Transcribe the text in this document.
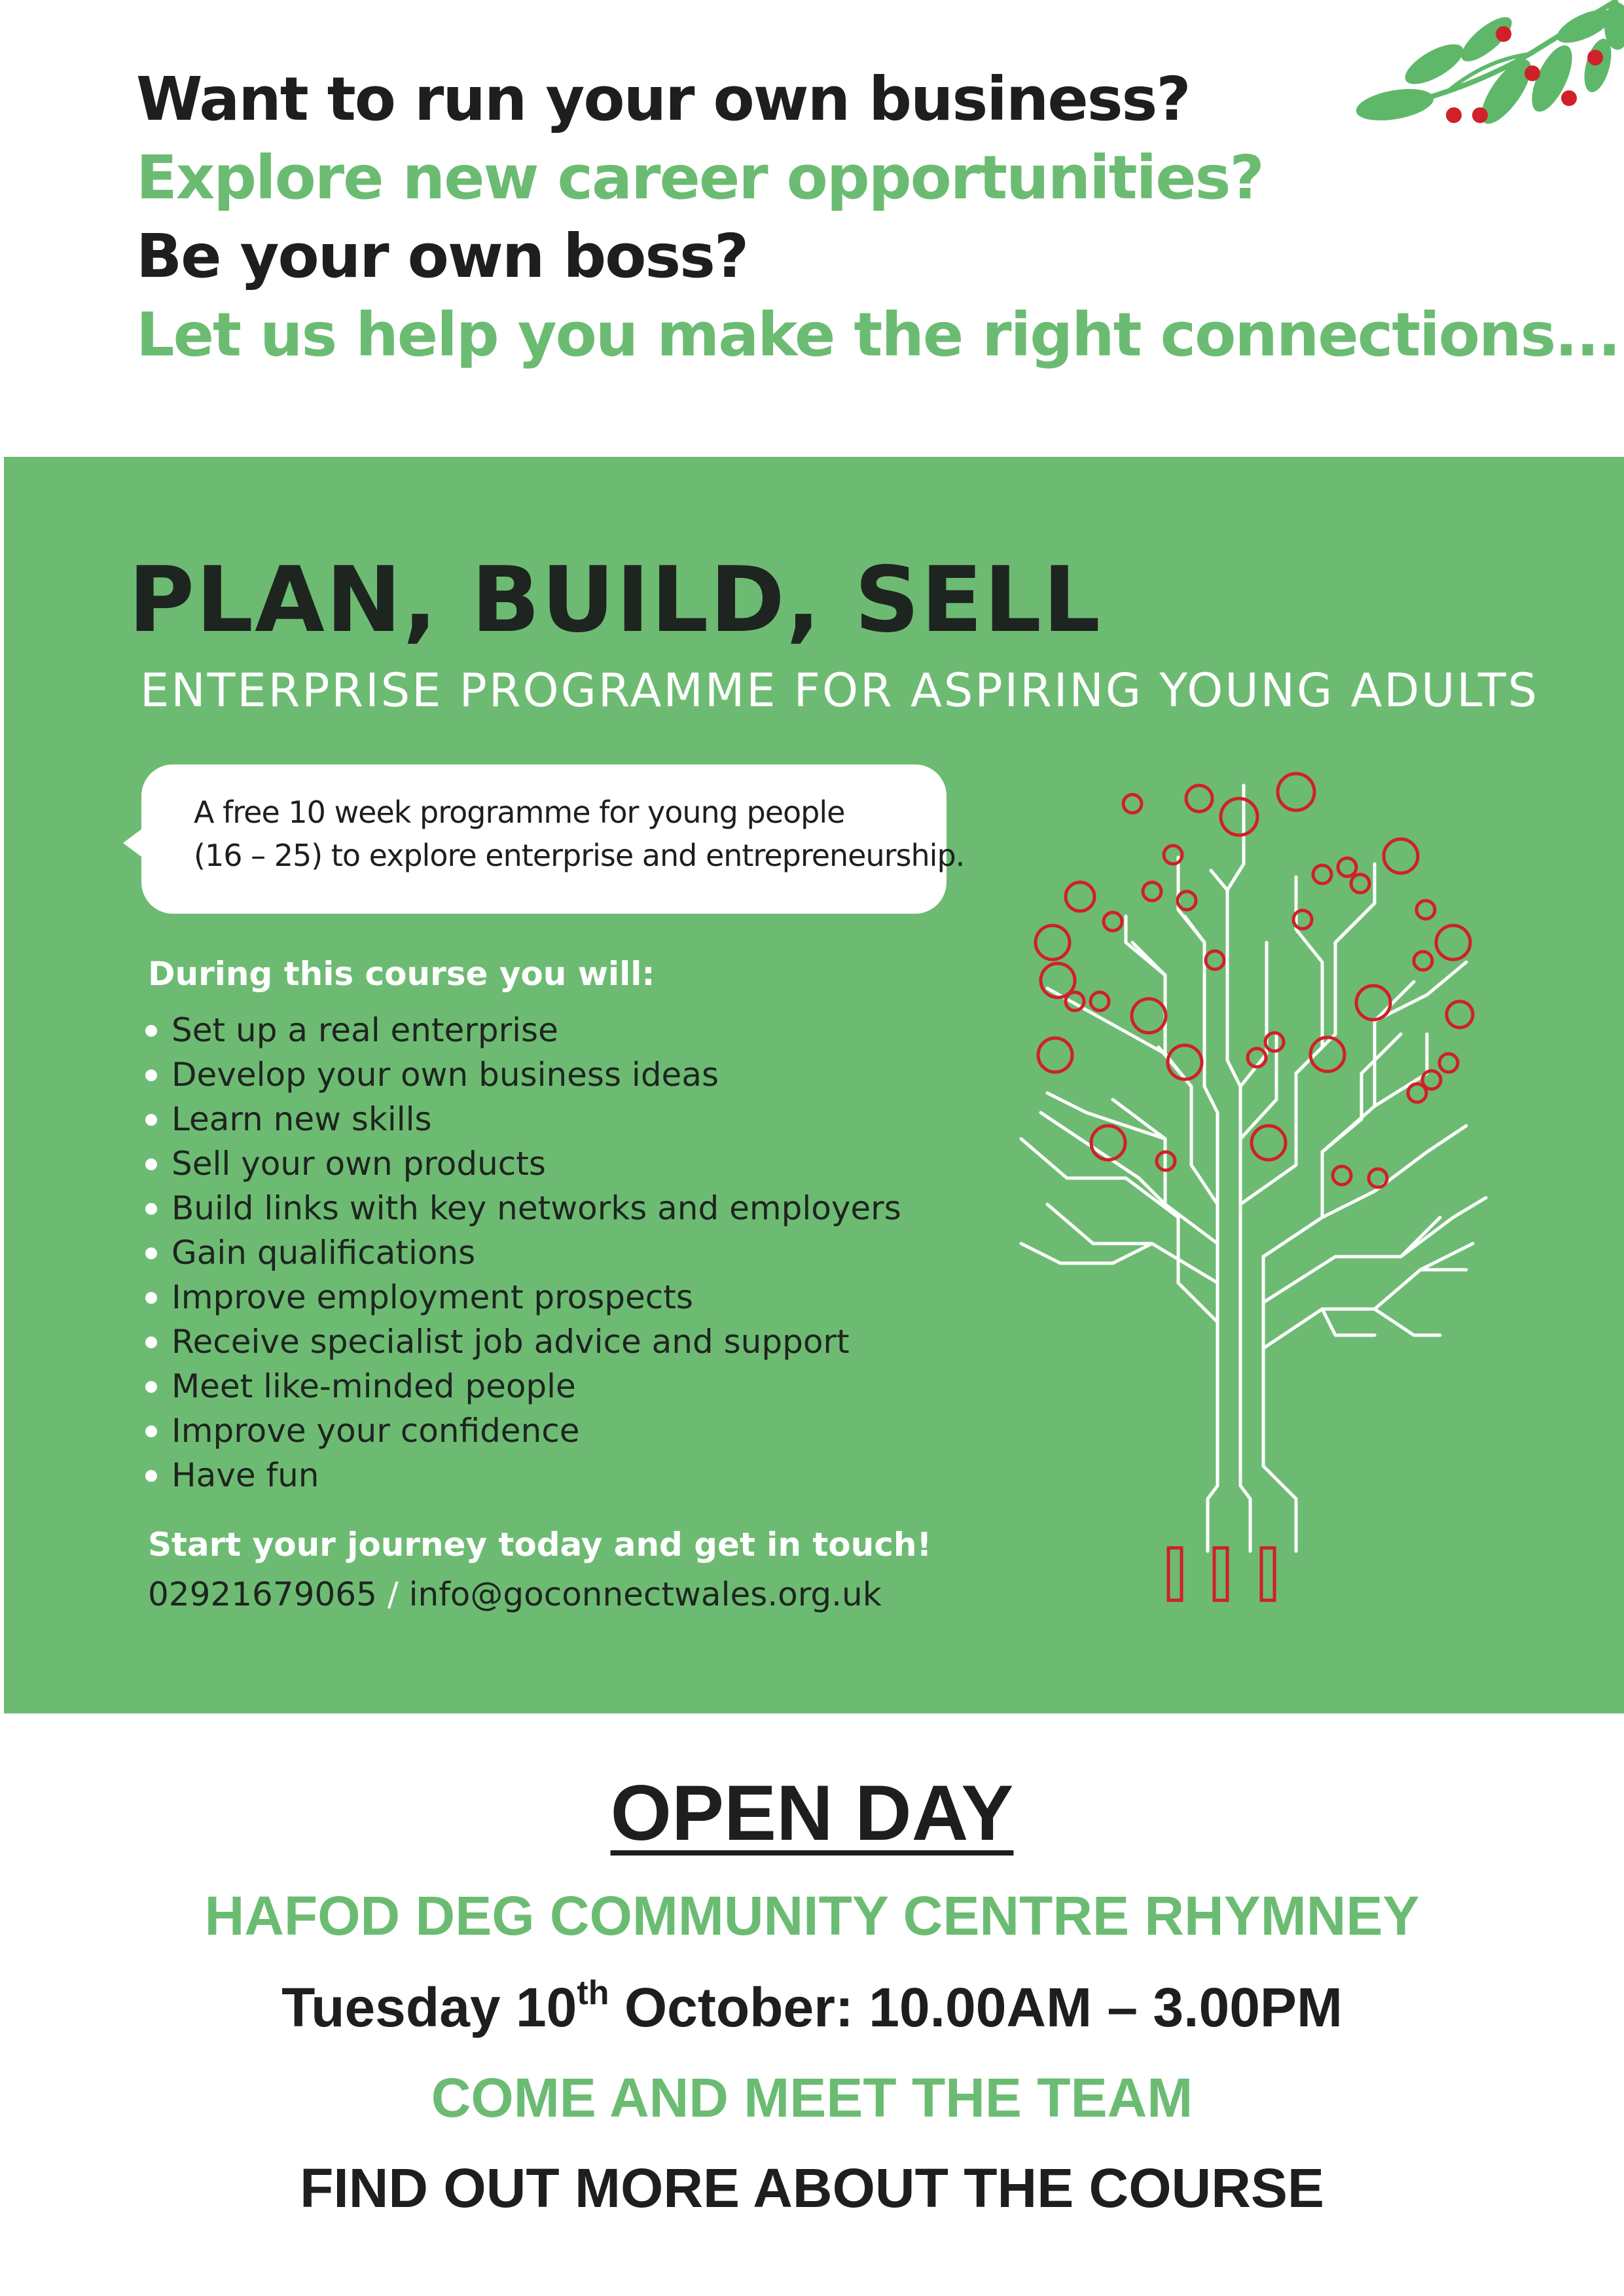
Want to run your own business?
Explore new career opportunities?
Be your own boss?
Let us help you make the right connections...
PLAN, BUILD, SELL

ENTERPRISE PROGRAMME FOR ASPIRING YOUNG ADULTS

A free 10 week programme for young people
(16 – 25) to explore enterprise and entrepreneurship.

During this course you will:

Set up a real enterprise
Develop your own business ideas
Learn new skills
Sell your own products
Build links with key networks and employers
Gain qualifications
Improve employment prospects
Receive specialist job advice and support
Meet like-minded people
Improve your confidence
Have fun

Start your journey today and get in touch!

02921679065 / info@goconnectwales.org.uk

OPEN DAY

HAFOD DEG COMMUNITY CENTRE RHYMNEY

Tuesday 10th October: 10.00AM – 3.00PM

COME AND MEET THE TEAM

FIND OUT MORE ABOUT THE COURSE
